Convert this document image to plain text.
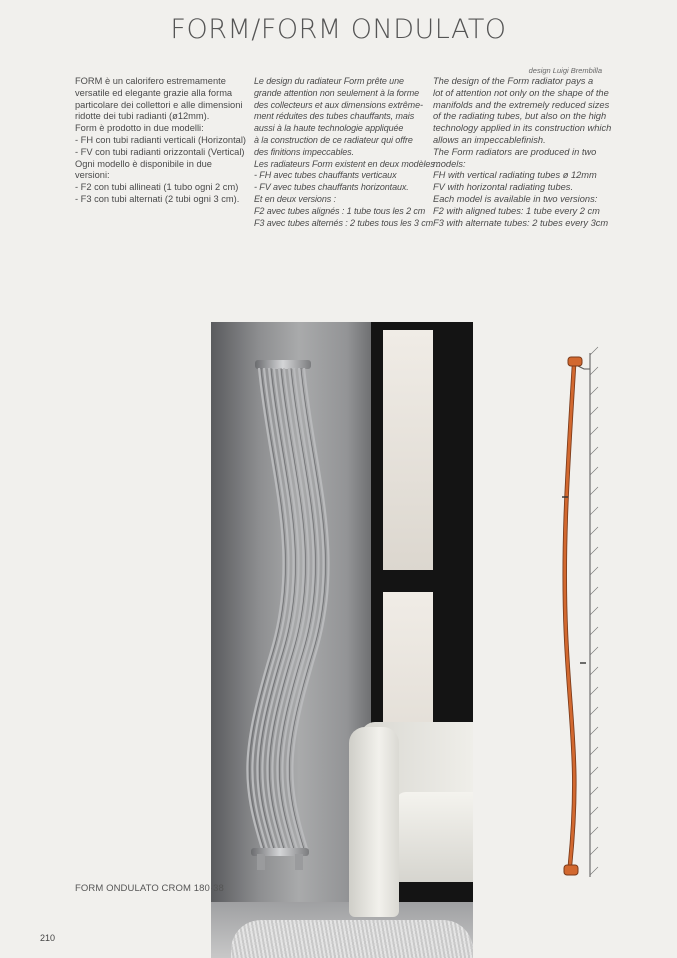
FORM/FORM ONDULATO
design Luigi Brembilla
FORM è un calorifero estremamente
versatile ed elegante grazie alla forma
particolare dei collettori e alle dimensioni
ridotte dei tubi radianti (ø12mm).
Form è prodotto in due modelli:
- FH con tubi radianti verticali (Horizontal)
- FV con tubi radianti orizzontali (Vertical)
Ogni modello è disponibile in due
versioni:
- F2 con tubi allineati (1 tubo ogni 2 cm)
- F3 con tubi alternati (2 tubi ogni 3 cm).
Le design du radiateur Form prête une
grande attention non seulement à la forme
des collecteurs et aux dimensions extrême-
ment réduites des tubes chauffants, mais
aussi à la haute technologie appliquée
à la construction de ce radiateur qui offre
des finitions impeccables.
Les radiateurs Form existent en deux modèles :
- FH avec tubes chauffants verticaux
- FV avec tubes chauffants horizontaux.
Et en deux versions :
F2 avec tubes alignés : 1 tube tous les 2 cm
F3 avec tubes alternés : 2 tubes tous les 3 cm
The design of the Form radiator pays a
lot of attention not only on the shape of the
manifolds and the extremely reduced sizes
of the radiating tubes, but also on the high
technology applied in its construction which
allows an impeccablefinish.
The Form radiators are produced in two
models:
FH with vertical radiating tubes ø 12mm
FV with horizontal radiating tubes.
Each model is available in two versions:
F2 with aligned tubes: 1 tube every 2 cm
F3 with alternate tubes: 2 tubes every 3cm
FORM ONDULATO CROM 180·38
210
